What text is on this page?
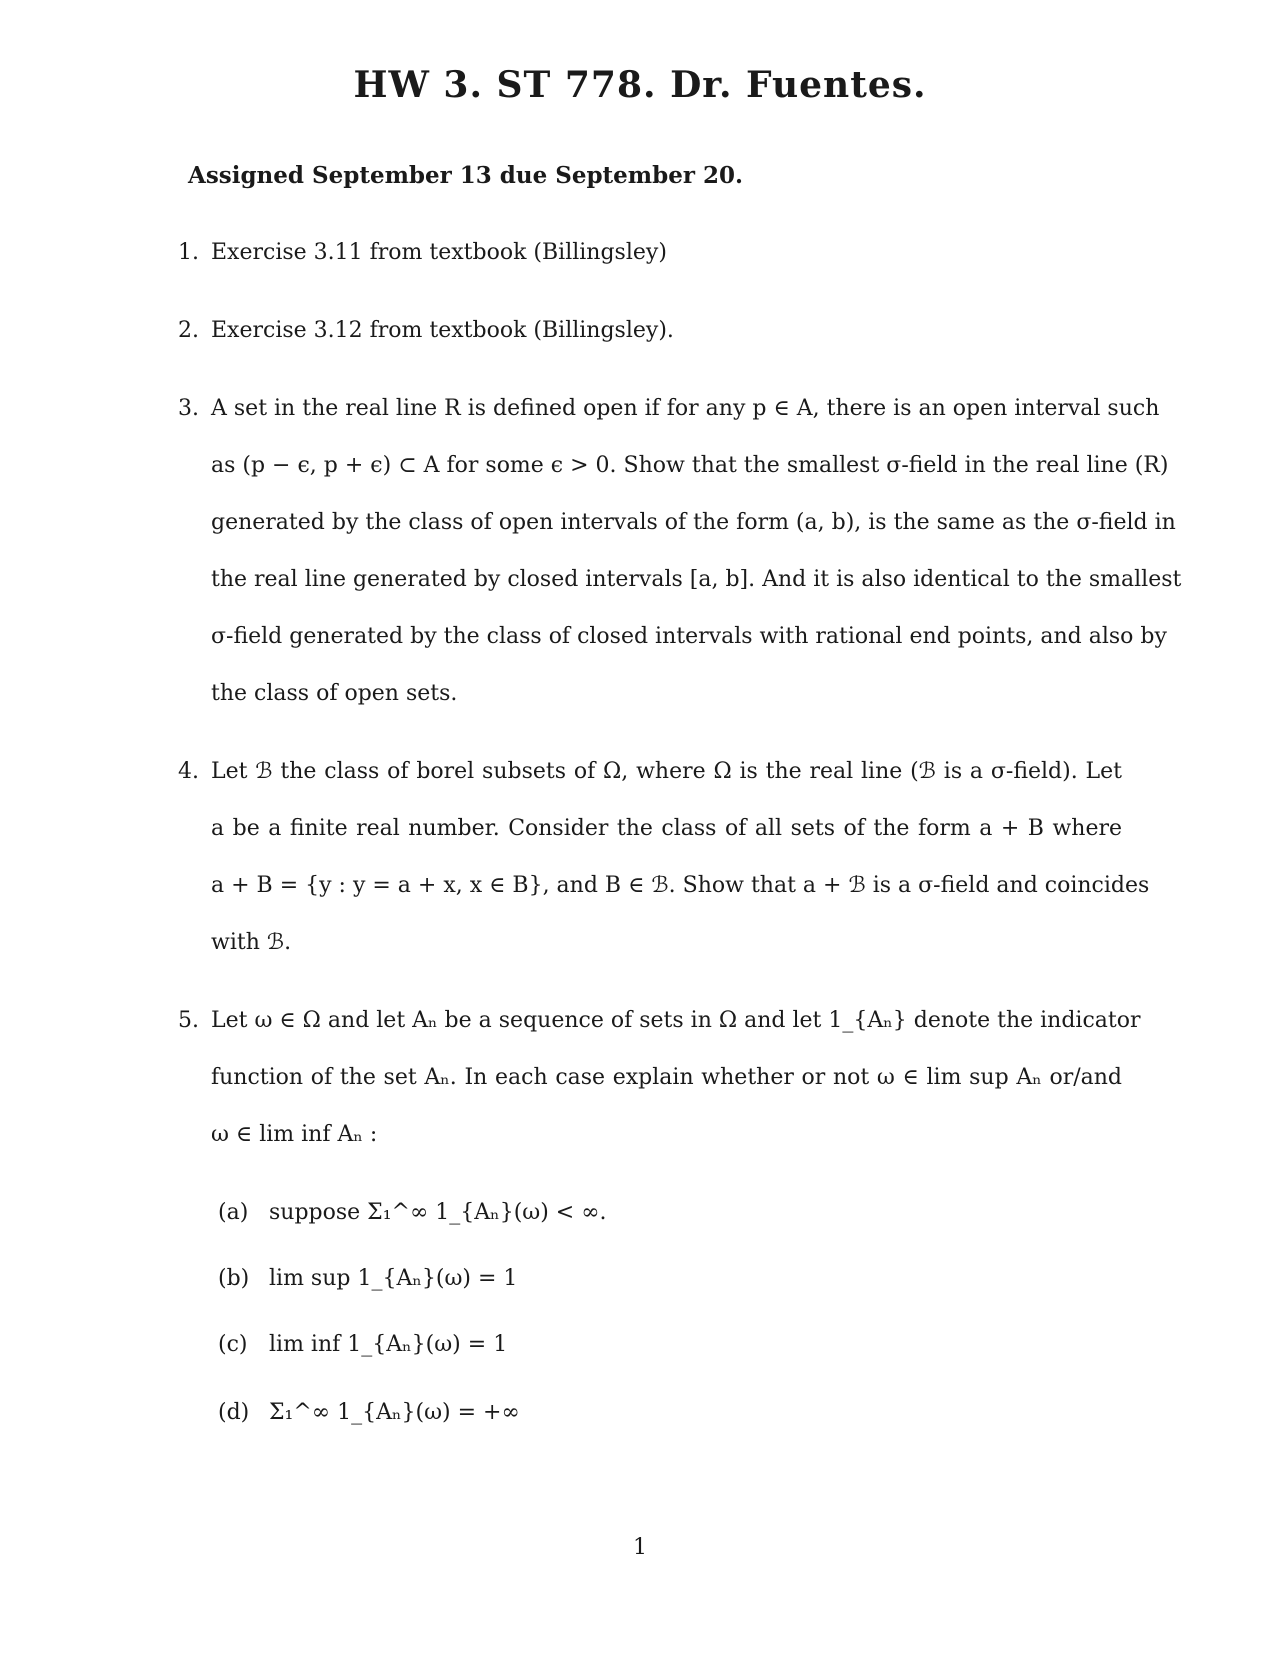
HW 3. ST 778. Dr. Fuentes.
Assigned September 13 due September 20.
1. Exercise 3.11 from textbook (Billingsley)
2. Exercise 3.12 from textbook (Billingsley).
3. A set in the real line R is defined open if for any p ∈ A, there is an open interval such
as (p − ϵ, p + ϵ) ⊂ A for some ϵ > 0. Show that the smallest σ-field in the real line (R)
generated by the class of open intervals of the form (a, b), is the same as the σ-field in
the real line generated by closed intervals [a, b]. And it is also identical to the smallest
σ-field generated by the class of closed intervals with rational end points, and also by
the class of open sets.
4. Let ℬ the class of borel subsets of Ω, where Ω is the real line (ℬ is a σ-field). Let
a be a finite real number. Consider the class of all sets of the form a + B where
a + B = {y : y = a + x, x ∈ B}, and B ∈ ℬ. Show that a + ℬ is a σ-field and coincides
with ℬ.
5. Let ω ∈ Ω and let Aₙ be a sequence of sets in Ω and let 1_{Aₙ} denote the indicator
function of the set Aₙ. In each case explain whether or not ω ∈ lim sup Aₙ or/and
ω ∈ lim inf Aₙ :
(a) suppose Σ₁^∞ 1_{Aₙ}(ω) < ∞.
(b) lim sup 1_{Aₙ}(ω) = 1
(c) lim inf 1_{Aₙ}(ω) = 1
(d) Σ₁^∞ 1_{Aₙ}(ω) = +∞
1
